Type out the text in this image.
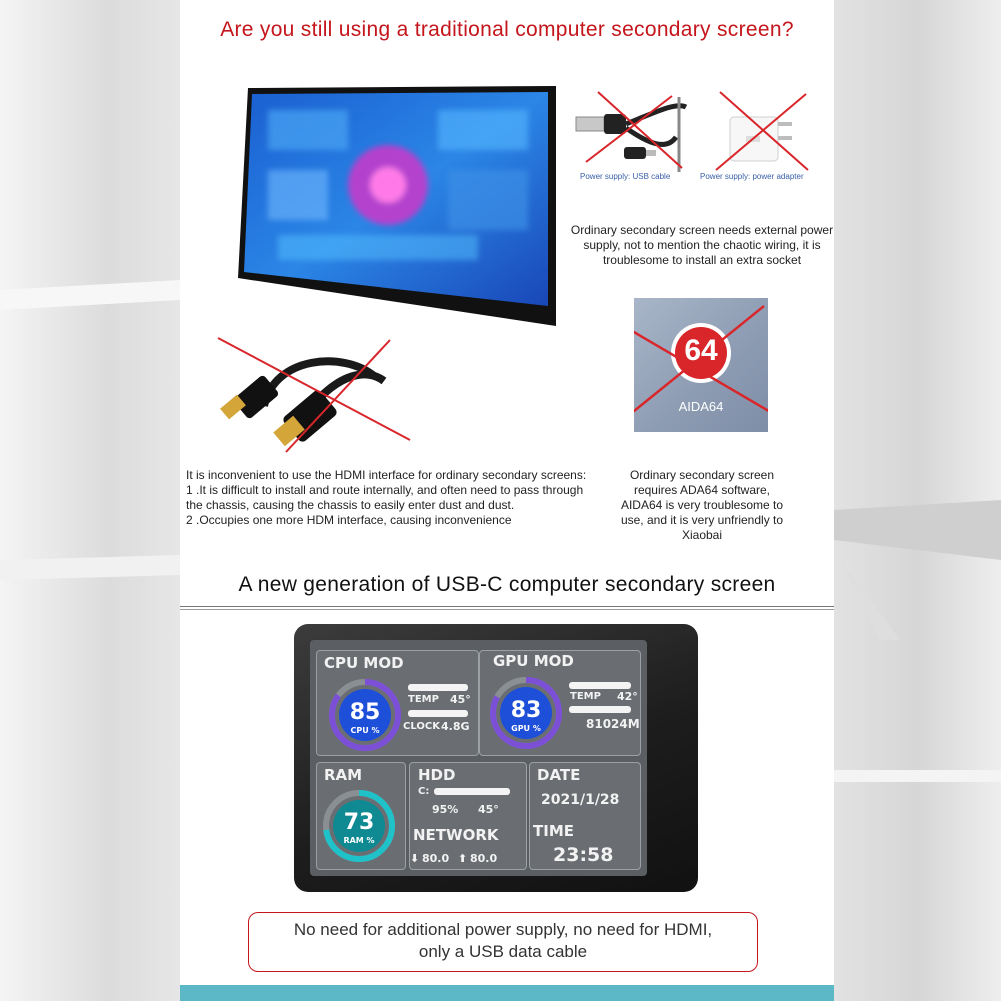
Are you still using a traditional computer secondary screen?
Power supply: USB cable	Power supply: power adapter
Ordinary secondary screen needs external power supply, not to mention the chaotic wiring, it is troublesome to install an extra socket
64
AIDA64
It is inconvenient to use the HDMI interface for ordinary secondary screens:
1 .It is difficult to install and route internally, and often need to pass through
the chassis, causing the chassis to easily enter dust and dust.
2 .Occupies one more HDM interface, causing inconvenience
Ordinary secondary screen requires ADA64 software, AIDA64 is very troublesome to use, and it is very unfriendly to Xiaobai
A new generation of USB-C computer secondary screen
CPU MOD
85
CPU %
TEMP 45°
CLOCK 4.8G
GPU MOD
83
GPU %
TEMP 42°
81024M
RAM
73
RAM %
HDD
C:
95% 45°
NETWORK
⬇ 80.0 ⬆ 80.0
DATE
2021/1/28
TIME
23:58
No need for additional power supply, no need for HDMI,
only a USB data cable
